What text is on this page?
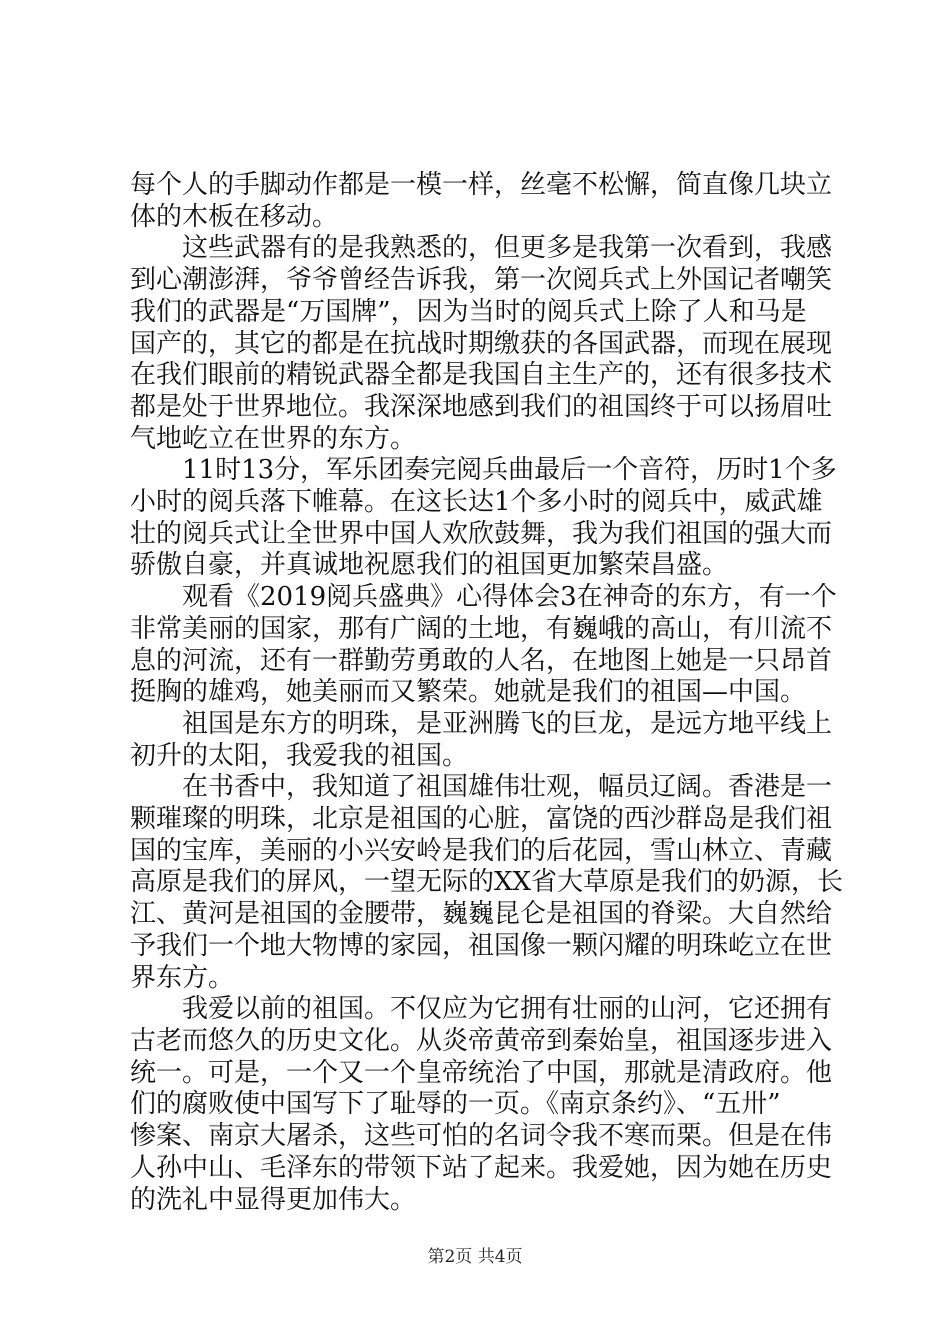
每个人的手脚动作都是一模一样，丝毫不松懈，简直像几块立
体的木板在移动。

　　这些武器有的是我熟悉的，但更多是我第一次看到，我感
到心潮澎湃，爷爷曾经告诉我，第一次阅兵式上外国记者嘲笑
我们的武器是“万国牌”，因为当时的阅兵式上除了人和马是
国产的，其它的都是在抗战时期缴获的各国武器，而现在展现
在我们眼前的精锐武器全都是我国自主生产的，还有很多技术
都是处于世界地位。我深深地感到我们的祖国终于可以扬眉吐
气地屹立在世界的东方。

　　11时13分，军乐团奏完阅兵曲最后一个音符，历时1个多
小时的阅兵落下帷幕。在这长达1个多小时的阅兵中，威武雄
壮的阅兵式让全世界中国人欢欣鼓舞，我为我们祖国的强大而
骄傲自豪，并真诚地祝愿我们的祖国更加繁荣昌盛。

　　观看《2019阅兵盛典》心得体会3在神奇的东方，有一个
非常美丽的国家，那有广阔的土地，有巍峨的高山，有川流不
息的河流，还有一群勤劳勇敢的人名，在地图上她是一只昂首
挺胸的雄鸡，她美丽而又繁荣。她就是我们的祖国—中国。

　　祖国是东方的明珠，是亚洲腾飞的巨龙，是远方地平线上
初升的太阳，我爱我的祖国。

　　在书香中，我知道了祖国雄伟壮观，幅员辽阔。香港是一
颗璀璨的明珠，北京是祖国的心脏，富饶的西沙群岛是我们祖
国的宝库，美丽的小兴安岭是我们的后花园，雪山林立、青藏
高原是我们的屏风，一望无际的XX省大草原是我们的奶源，长
江、黄河是祖国的金腰带，巍巍昆仑是祖国的脊梁。大自然给
予我们一个地大物博的家园，祖国像一颗闪耀的明珠屹立在世
界东方。

　　我爱以前的祖国。不仅应为它拥有壮丽的山河，它还拥有
古老而悠久的历史文化。从炎帝黄帝到秦始皇，祖国逐步进入
统一。可是，一个又一个皇帝统治了中国，那就是清政府。他
们的腐败使中国写下了耻辱的一页。《南京条约》、“五卅”
惨案、南京大屠杀，这些可怕的名词令我不寒而栗。但是在伟
人孙中山、毛泽东的带领下站了起来。我爱她，因为她在历史
的洗礼中显得更加伟大。

第2页 共4页
